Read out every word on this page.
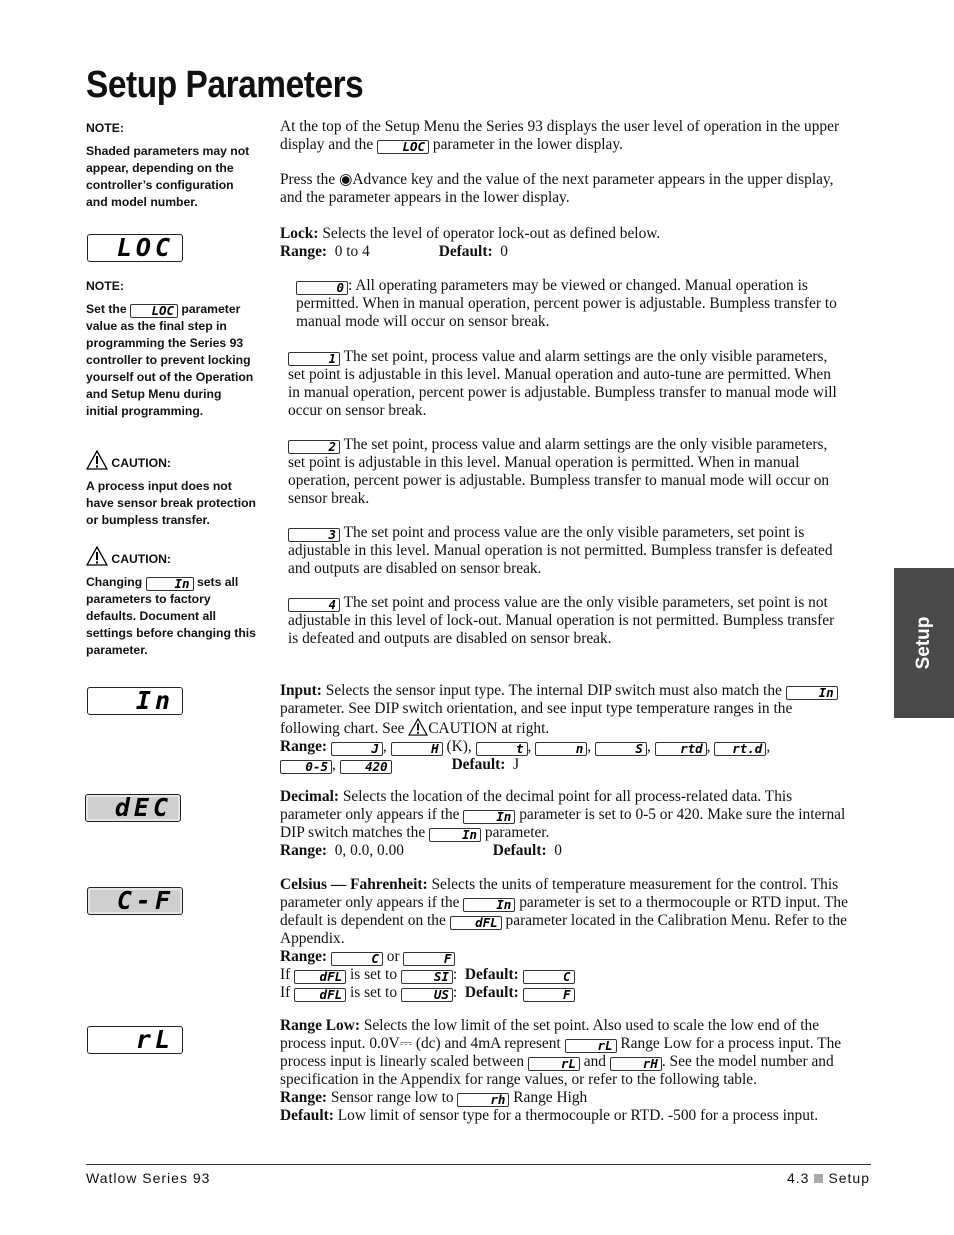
Setup Parameters
Setup
NOTE:
Shaded parameters may not appear, depending on the controller’s configuration and model number.
LOC
NOTE:
Set the LOC parameter value as the final step in programming the Series 93 controller to prevent locking yourself out of the Operation and Setup Menu during initial programming.
CAUTION:
A process input does not have sensor break protection or bumpless transfer.
CAUTION:
Changing	In sets all parameters to factory defaults. Document all settings before changing this parameter.
In
dEC
C-F
rL

At the top of the Setup Menu the Series 93 displays the user level of operation in the upper display and the LOC parameter in the lower display.

Press the ◉Advance key and the value of the next parameter appears in the upper display, and the parameter appears in the lower display.

Lock: Selects the level of operator lock-out as defined below.

Range: 0 to 4	Default: 0

0 : All operating parameters may be viewed or changed. Manual operation is permitted. When in manual operation, percent power is adjustable. Bumpless transfer to manual mode will occur on sensor break.

1 The set point, process value and alarm settings are the only visible parameters, set point is adjustable in this level. Manual operation and auto-tune are permitted. When in manual operation, percent power is adjustable. Bumpless transfer to manual mode will occur on sensor break.

2 The set point, process value and alarm settings are the only visible parameters, set point is adjustable in this level. Manual operation is permitted. When in manual operation, percent power is adjustable. Bumpless transfer to manual mode will occur on sensor break.

3 The set point and process value are the only visible parameters, set point is adjustable in this level. Manual operation is not permitted. Bumpless transfer is defeated and outputs are disabled on sensor break.

4 The set point and process value are the only visible parameters, set point is not adjustable in this level of lock-out. Manual operation is not permitted. Bumpless transfer is defeated and outputs are disabled on sensor break.

Input: Selects the sensor input type. The internal DIP switch must also match the	In parameter. See DIP switch orientation, and see input type temperature ranges in the following chart. See CAUTION at right.

Range:	J ,	H (K),	t ,	n ,	S , rtd , rt.d ,

0-5 , 420	Default: J

Decimal: Selects the location of the decimal point for all process-related data. This parameter only appears if the	In parameter is set to 0-5 or 420. Make sure the internal DIP switch matches the	In parameter.

Range: 0, 0.0, 0.00	Default: 0

Celsius — Fahrenheit: Selects the units of temperature measurement for the control. This parameter only appears if the	In parameter is set to a thermocouple or RTD input. The default is dependent on the dFL parameter located in the Calibration Menu. Refer to the Appendix.

Range:	C or	F

If dFL is set to	SI :  Default:	C

If dFL is set to	US :  Default:	F

Range Low: Selects the low limit of the set point. Also used to scale the low end of the process input. 0.0V⎓ (dc) and 4mA represent	rL Range Low for a process input. The process input is linearly scaled between	rL and	rH . See the model number and specification in the Appendix for range values, or refer to the following table.

Range: Sensor range low to	rh Range High

Default: Low limit of sensor type for a thermocouple or RTD. -500 for a process input.

Watlow Series 93	4.3 Setup
